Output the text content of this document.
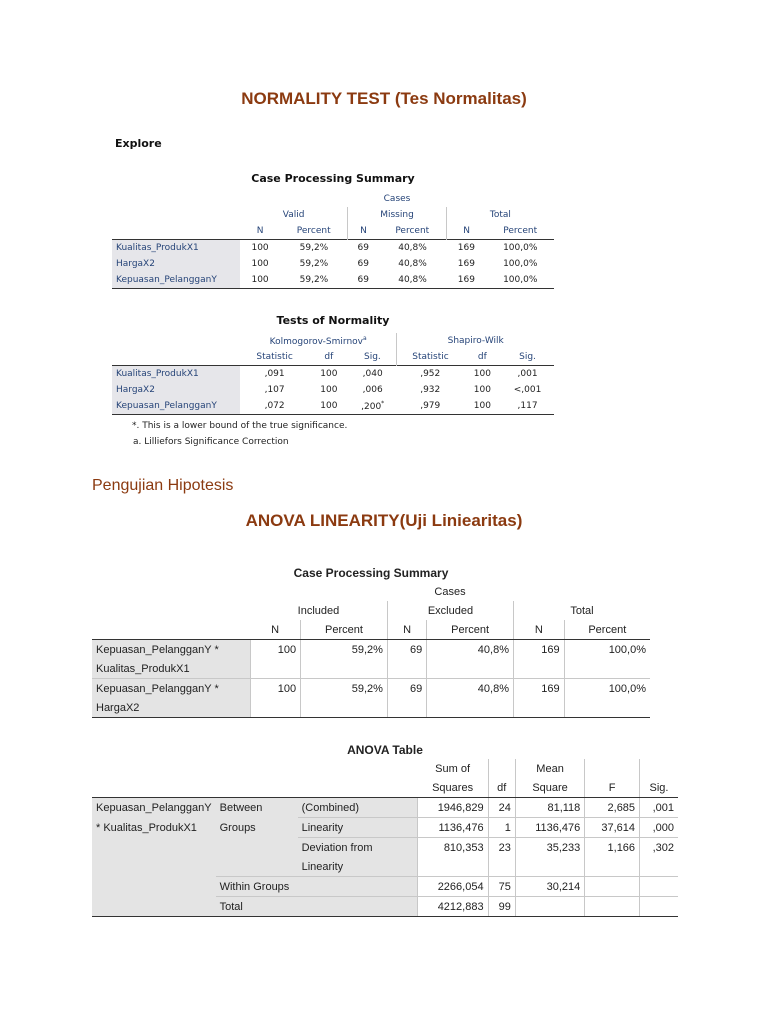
NORMALITY TEST (Tes Normalitas)
Explore
Case Processing Summary
	Cases					
	Valid		Missing		Total	
	N	Percent	N	Percent	N	Percent
Kualitas_ProdukX1	100	59,2%	69	40,8%	169	100,0%
HargaX2	100	59,2%	69	40,8%	169	100,0%
Kepuasan_PelangganY	100	59,2%	69	40,8%	169	100,0%
Tests of Normality
	Kolmogorov-Smirnov$^a$			Shapiro-Wilk		
	Statistic	df	Sig.	Statistic	df	Sig.
Kualitas_ProdukX1	,091	100	,040	,952	100	,001
HargaX2	,107	100	,006	,932	100	<,001
Kepuasan_PelangganY	,072	100	,200*	,979	100	,117
*. This is a lower bound of the true significance.
a. Lilliefors Significance Correction
Pengujian Hipotesis
ANOVA LINEARITY(Uji Liniearitas)
Case Processing Summary						
	Cases					
	Included		Excluded		Total	
	N	Percent	N	Percent	N	Percent
Kepuasan_PelangganY *	100	59,2%	69	40,8%	169	100,0%
Kualitas_ProdukX1						
Kepuasan_PelangganY *	100	59,2%	69	40,8%	169	100,0%
HargaX2						
ANOVA Table							
			Sum of		Mean		
			Squares	df	Square	F	Sig.
Kepuasan_PelangganY	Between	(Combined)	1946,829	24	81,118	2,685	,001
* Kualitas_ProdukX1	Groups	Linearity	1136,476	1	1136,476	37,614	,000
		Deviation from	810,353	23	35,233	1,166	,302
		Linearity					
	Within Groups		2266,054	75	30,214		
	Total		4212,883	99			
